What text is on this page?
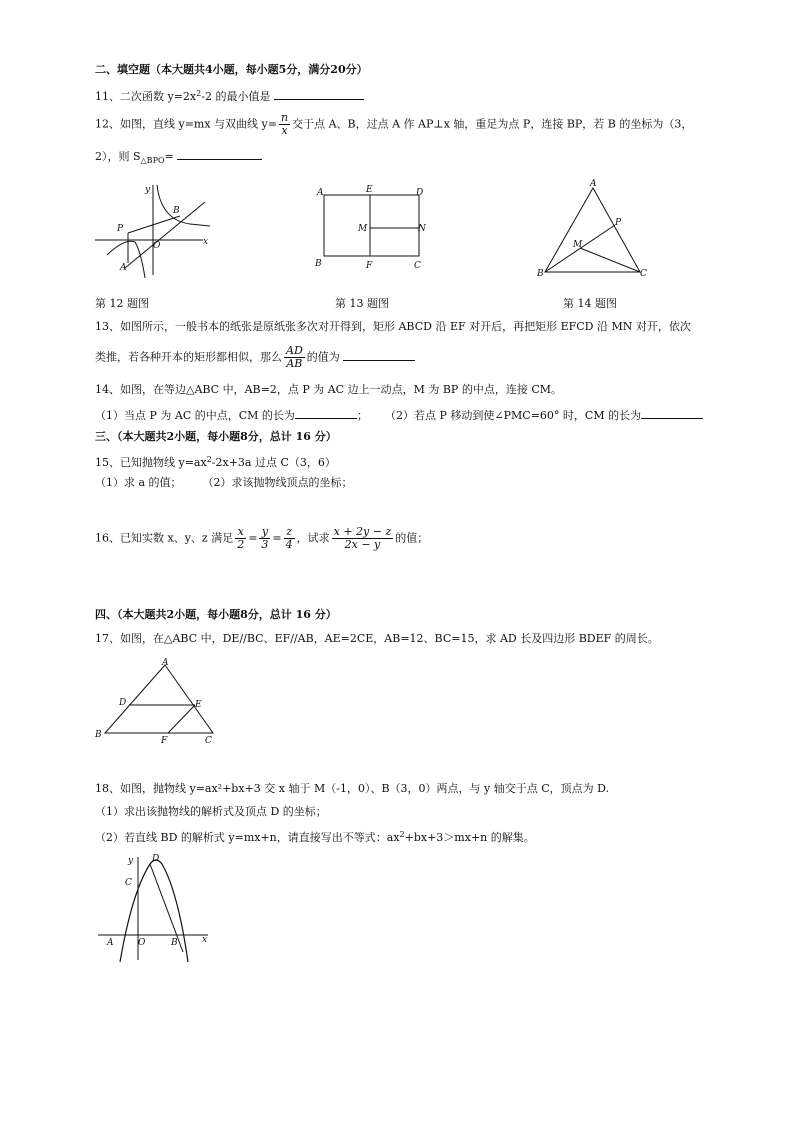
二、填空题（本大题共4小题，每小题5分，满分20分）
11、二次函数 $y=2x^2-2$ 的最小值是
12、如图，直线 y=mx 与双曲线 $y= \frac{n}{x}$ 交于点 A、B，过点 A 作 AP⊥x 轴，重足为点 P，连接 BP，若 B 的坐标为（3，
2），则 $S_{\triangle BPO}=$
y
B
P
O	x
A
A	E	D
M	N
B	F	C
A
P
M
B	C
第 12 题图	第 13 题图	第 14 题图
13、如图所示，一般书本的纸张是原纸张多次对开得到，矩形 ABCD 沿 EF 对开后，再把矩形 EFCD 沿 MN 对开，依次
类推，若各种开本的矩形都相似，那么 $\frac{AD}{AB}$ 的值为
14、如图，在等边△ABC 中，AB=2，点 P 为 AC 边上一动点，M 为 BP 的中点，连接 CM。
（1）当点 P 为 AC 的中点，CM 的长为	； （2）若点 P 移动到使∠PMC=60° 时，CM 的长为
三、（本大题共2小题，每小题8分，总计 16 分）
15、已知抛物线 $y=ax^2-2x+3a$ 过点 C（3，6）
（1）求 a 的值；      （2）求该抛物线顶点的坐标；
16、已知实数 x、y、z 满足 $\frac{x}{2} = \frac{y}{3} = \frac{z}{4}$ ，试求 $\frac{x + 2y - z}{2x - y}$ 的值；
四、（本大题共2小题，每小题8分，总计 16 分）
17、如图，在△ABC 中，DE//BC、EF//AB，AE=2CE，AB=12、BC=15，求 AD 长及四边形 BDEF 的周长。
A
D	E
B
F	C
18、如图，抛物线 y=ax²+bx+3 交 x 轴于 M（-1，0）、B（3，0）两点，与 y 轴交于点 C，顶点为 D.
（1）求出该抛物线的解析式及顶点 D 的坐标；
（2）若直线 BD 的解析式 y=mx+n，请直接写出不等式：$ax^2+bx+3>mx+n$ 的解集。
y D
C
A	O	B	x
